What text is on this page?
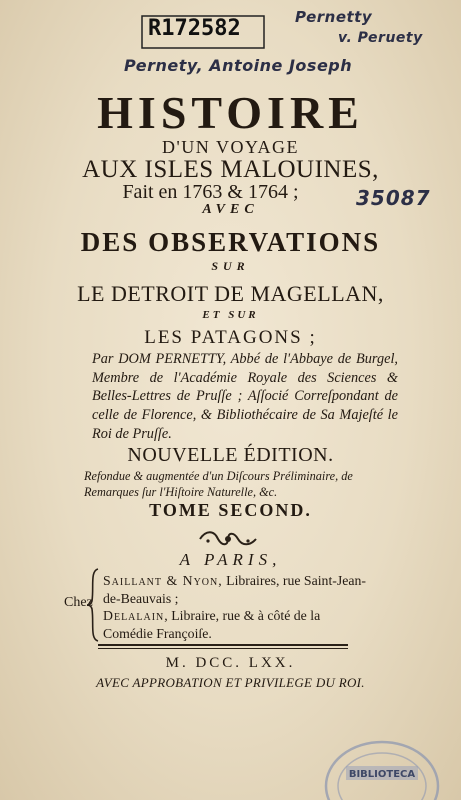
R172582	Pernetty
v. Peruety
Pernety, Antoine Joseph
35087
HISTOIRE
D'UN VOYAGE
AUX ISLES MALOUINES,
Fait en 1763 & 1764 ;
AVEC
DES OBSERVATIONS
SUR
LE DETROIT DE MAGELLAN,
ET SUR
LES PATAGONS ;
Par DOM PERNETTY, Abbé de l'Abbaye de Burgel, Membre de l'Académie Royale des Sciences & Belles-Lettres de Pruſſe ; Aſſocié Correſpondant de celle de Florence, & Bibliothécaire de Sa Majeſté le Roi de Pruſſe.
NOUVELLE ÉDITION.
Refondue & augmentée d'un Diſcours Préliminaire, de Remarques ſur l'Hiſtoire Naturelle, &c.
TOME SECOND.
A PARIS,
Chez
Saillant & Nyon, Libraires, rue Saint-Jean-
de-Beauvais ;
Delalain, Libraire, rue & à côté de la
Comédie Françoiſe.
M. DCC. LXX.
AVEC APPROBATION ET PRIVILEGE DU ROI.
BIBLIOTECA
